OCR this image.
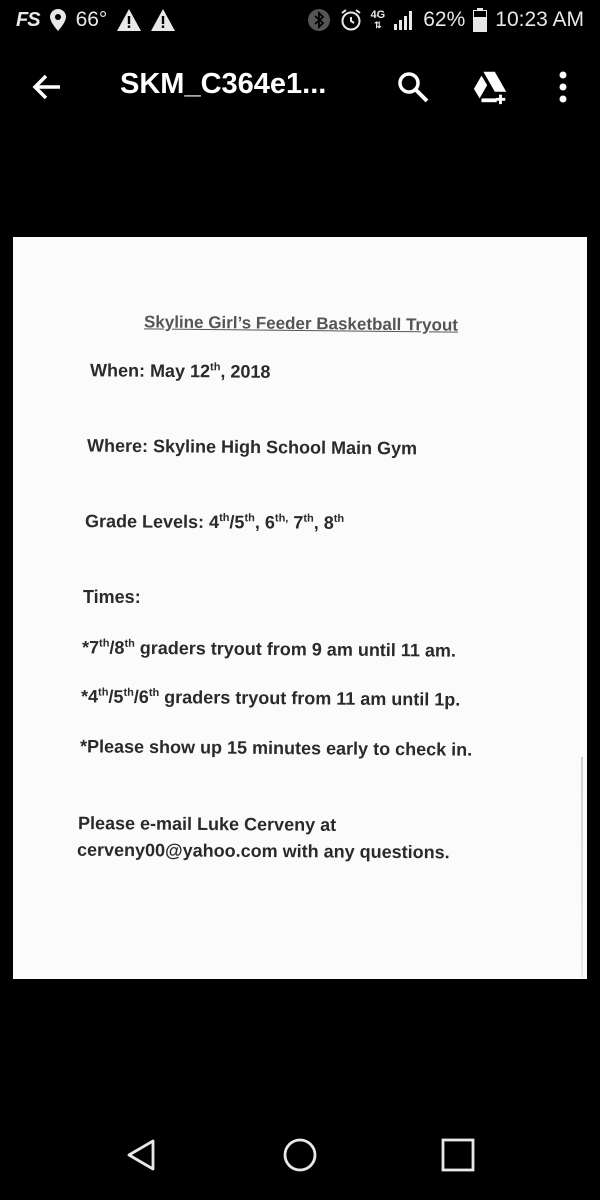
FS 66°	4G
⇅ 62% 10:23 AM
SKM_C364e1...
Skyline Girl’s Feeder Basketball Tryout
When: May 12th, 2018
Where: Skyline High School Main Gym
Grade Levels: 4th/5th, $6^{th,}$ 7th, 8th
Times:
*7th/8th graders tryout from 9 am until 11 am.
*4th/5th/6th graders tryout from 11 am until 1p.
*Please show up 15 minutes early to check in.
Please e-mail Luke Cerveny at
cerveny00@yahoo.com with any questions.
